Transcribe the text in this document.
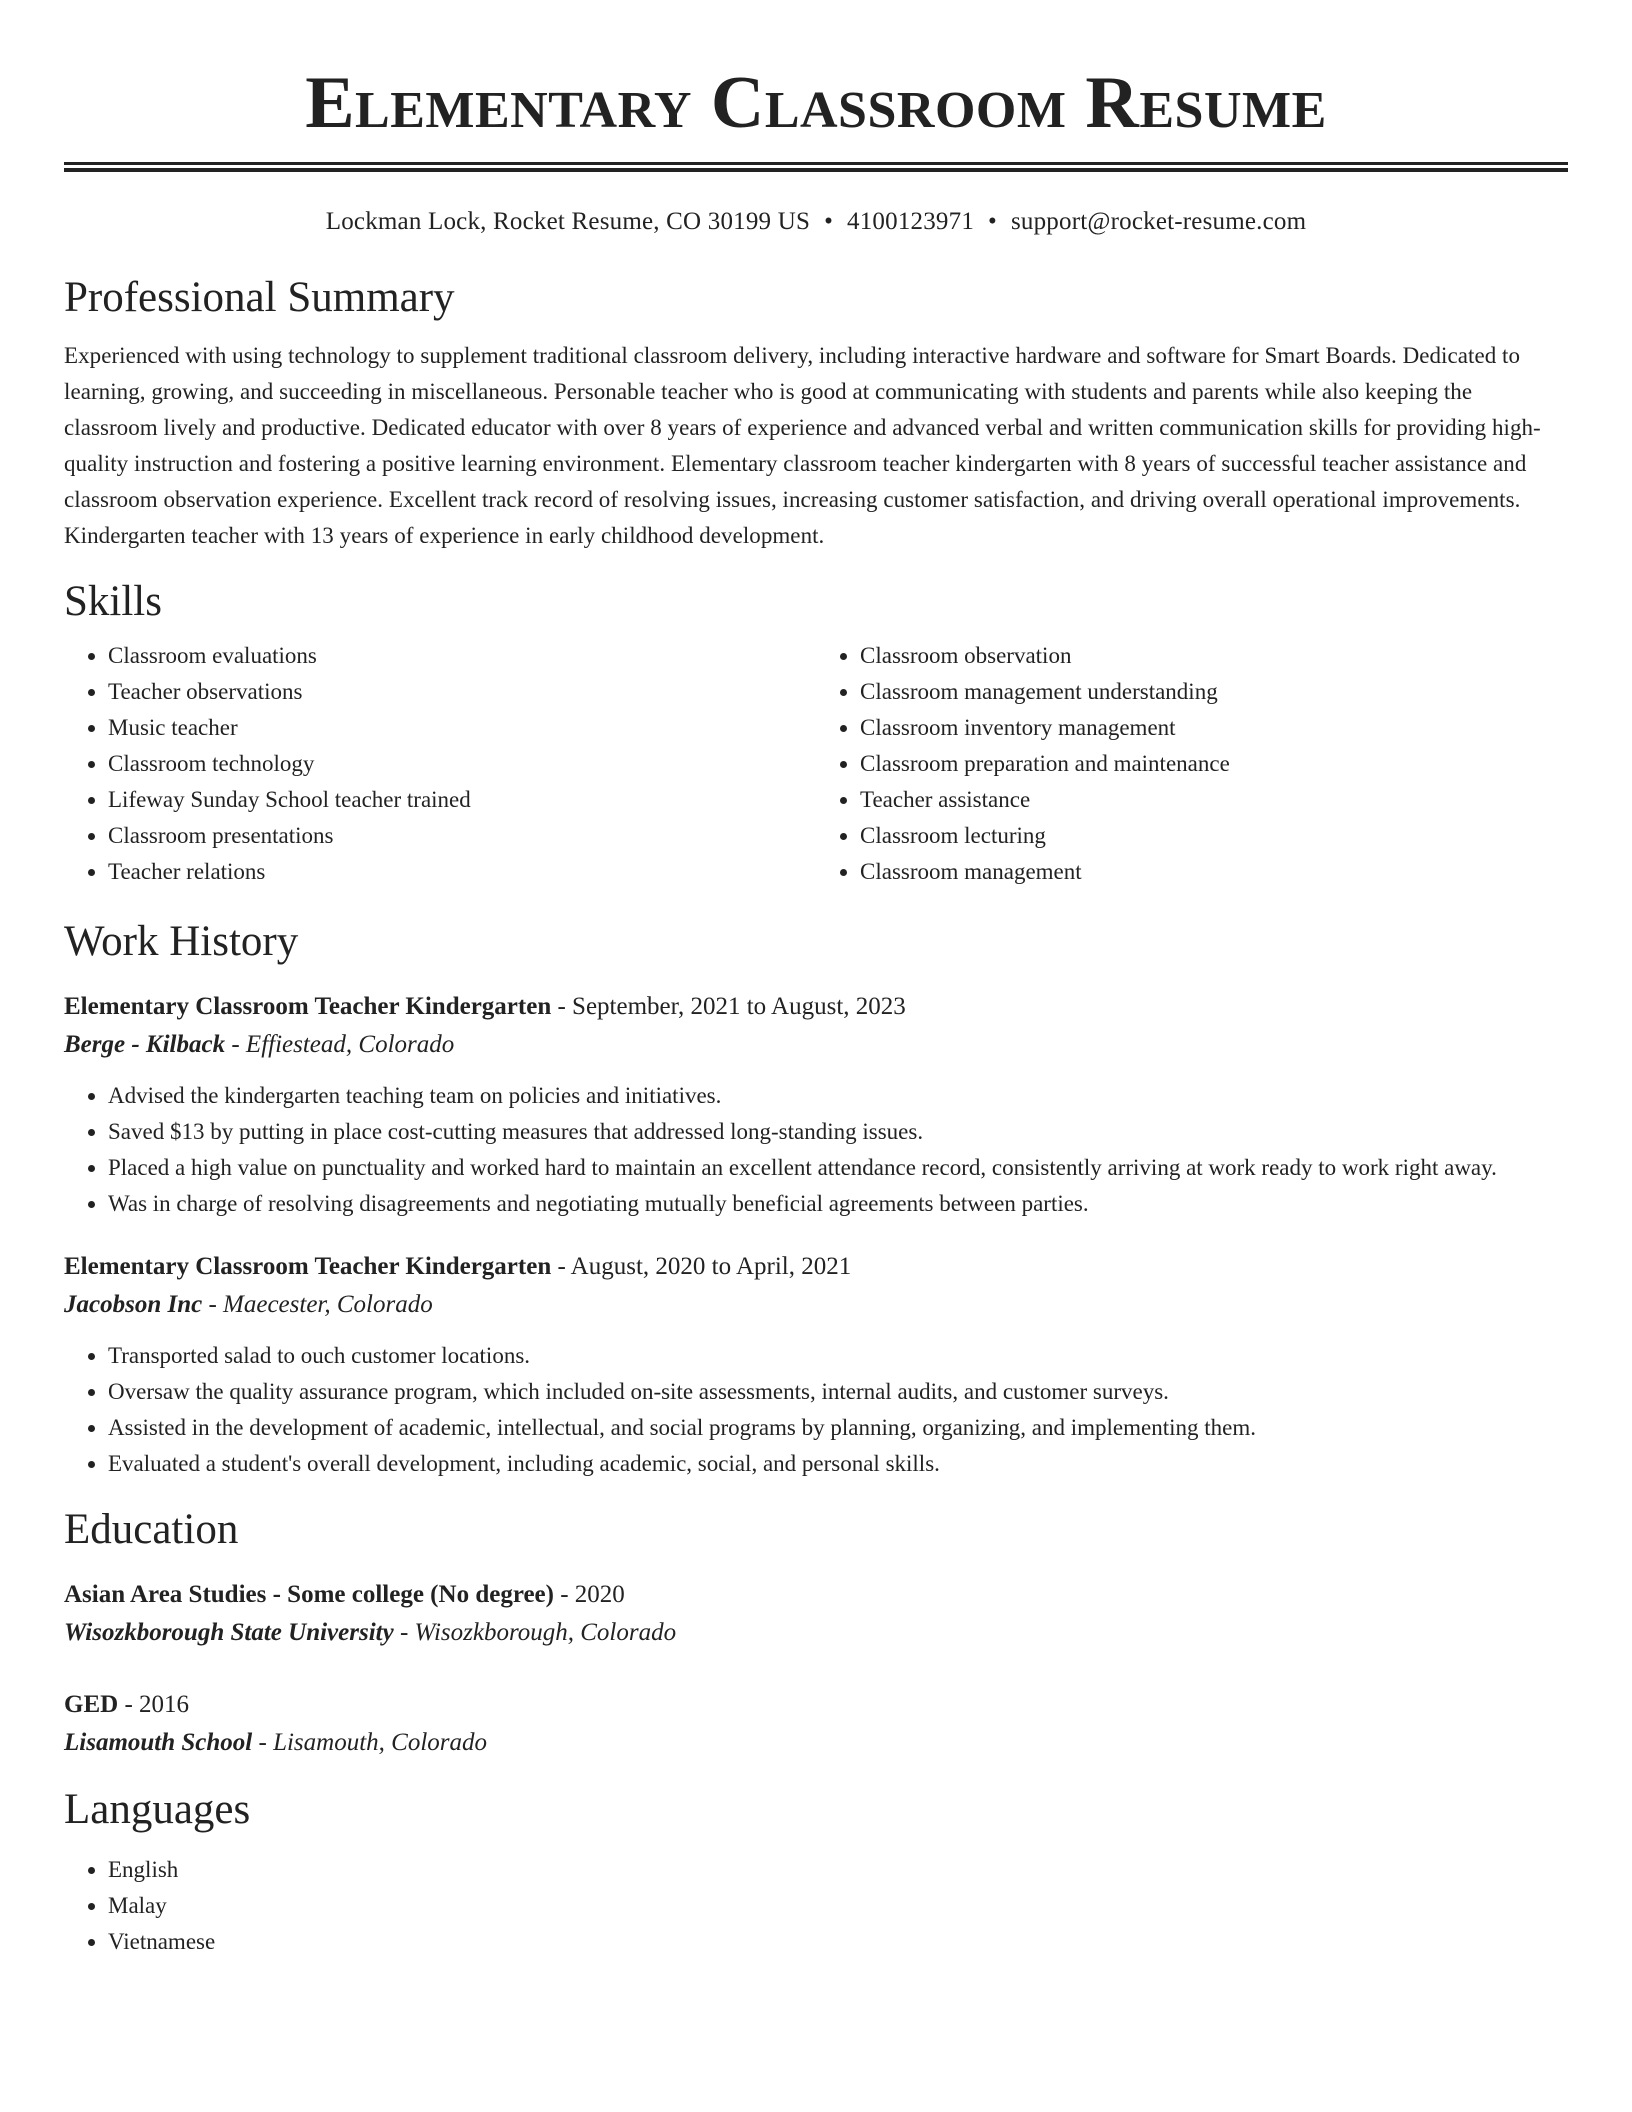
Elementary Classroom Resume
Lockman Lock, Rocket Resume, CO 30199 US • 4100123971 • support@rocket-resume.com
Professional Summary
Experienced with using technology to supplement traditional classroom delivery, including interactive hardware and software for Smart Boards. Dedicated to learning, growing, and succeeding in miscellaneous. Personable teacher who is good at communicating with students and parents while also keeping the classroom lively and productive. Dedicated educator with over 8 years of experience and advanced verbal and written communication skills for providing high-quality instruction and fostering a positive learning environment. Elementary classroom teacher kindergarten with 8 years of successful teacher assistance and classroom observation experience. Excellent track record of resolving issues, increasing customer satisfaction, and driving overall operational improvements. Kindergarten teacher with 13 years of experience in early childhood development.
Skills
• Classroom evaluations
• Teacher observations
• Music teacher
• Classroom technology
• Lifeway Sunday School teacher trained
• Classroom presentations
• Teacher relations
• Classroom observation
• Classroom management understanding
• Classroom inventory management
• Classroom preparation and maintenance
• Teacher assistance
• Classroom lecturing
• Classroom management
Work History
Elementary Classroom Teacher Kindergarten - September, 2021 to August, 2023
Berge - Kilback - Effiestead, Colorado
• Advised the kindergarten teaching team on policies and initiatives.
• Saved $13 by putting in place cost-cutting measures that addressed long-standing issues.
• Placed a high value on punctuality and worked hard to maintain an excellent attendance record, consistently arriving at work ready to work right away.
• Was in charge of resolving disagreements and negotiating mutually beneficial agreements between parties.
Elementary Classroom Teacher Kindergarten - August, 2020 to April, 2021
Jacobson Inc - Maecester, Colorado
• Transported salad to ouch customer locations.
• Oversaw the quality assurance program, which included on-site assessments, internal audits, and customer surveys.
• Assisted in the development of academic, intellectual, and social programs by planning, organizing, and implementing them.
• Evaluated a student's overall development, including academic, social, and personal skills.
Education
Asian Area Studies - Some college (No degree) - 2020
Wisozkborough State University - Wisozkborough, Colorado
GED - 2016
Lisamouth School - Lisamouth, Colorado
Languages
• English
• Malay
• Vietnamese
